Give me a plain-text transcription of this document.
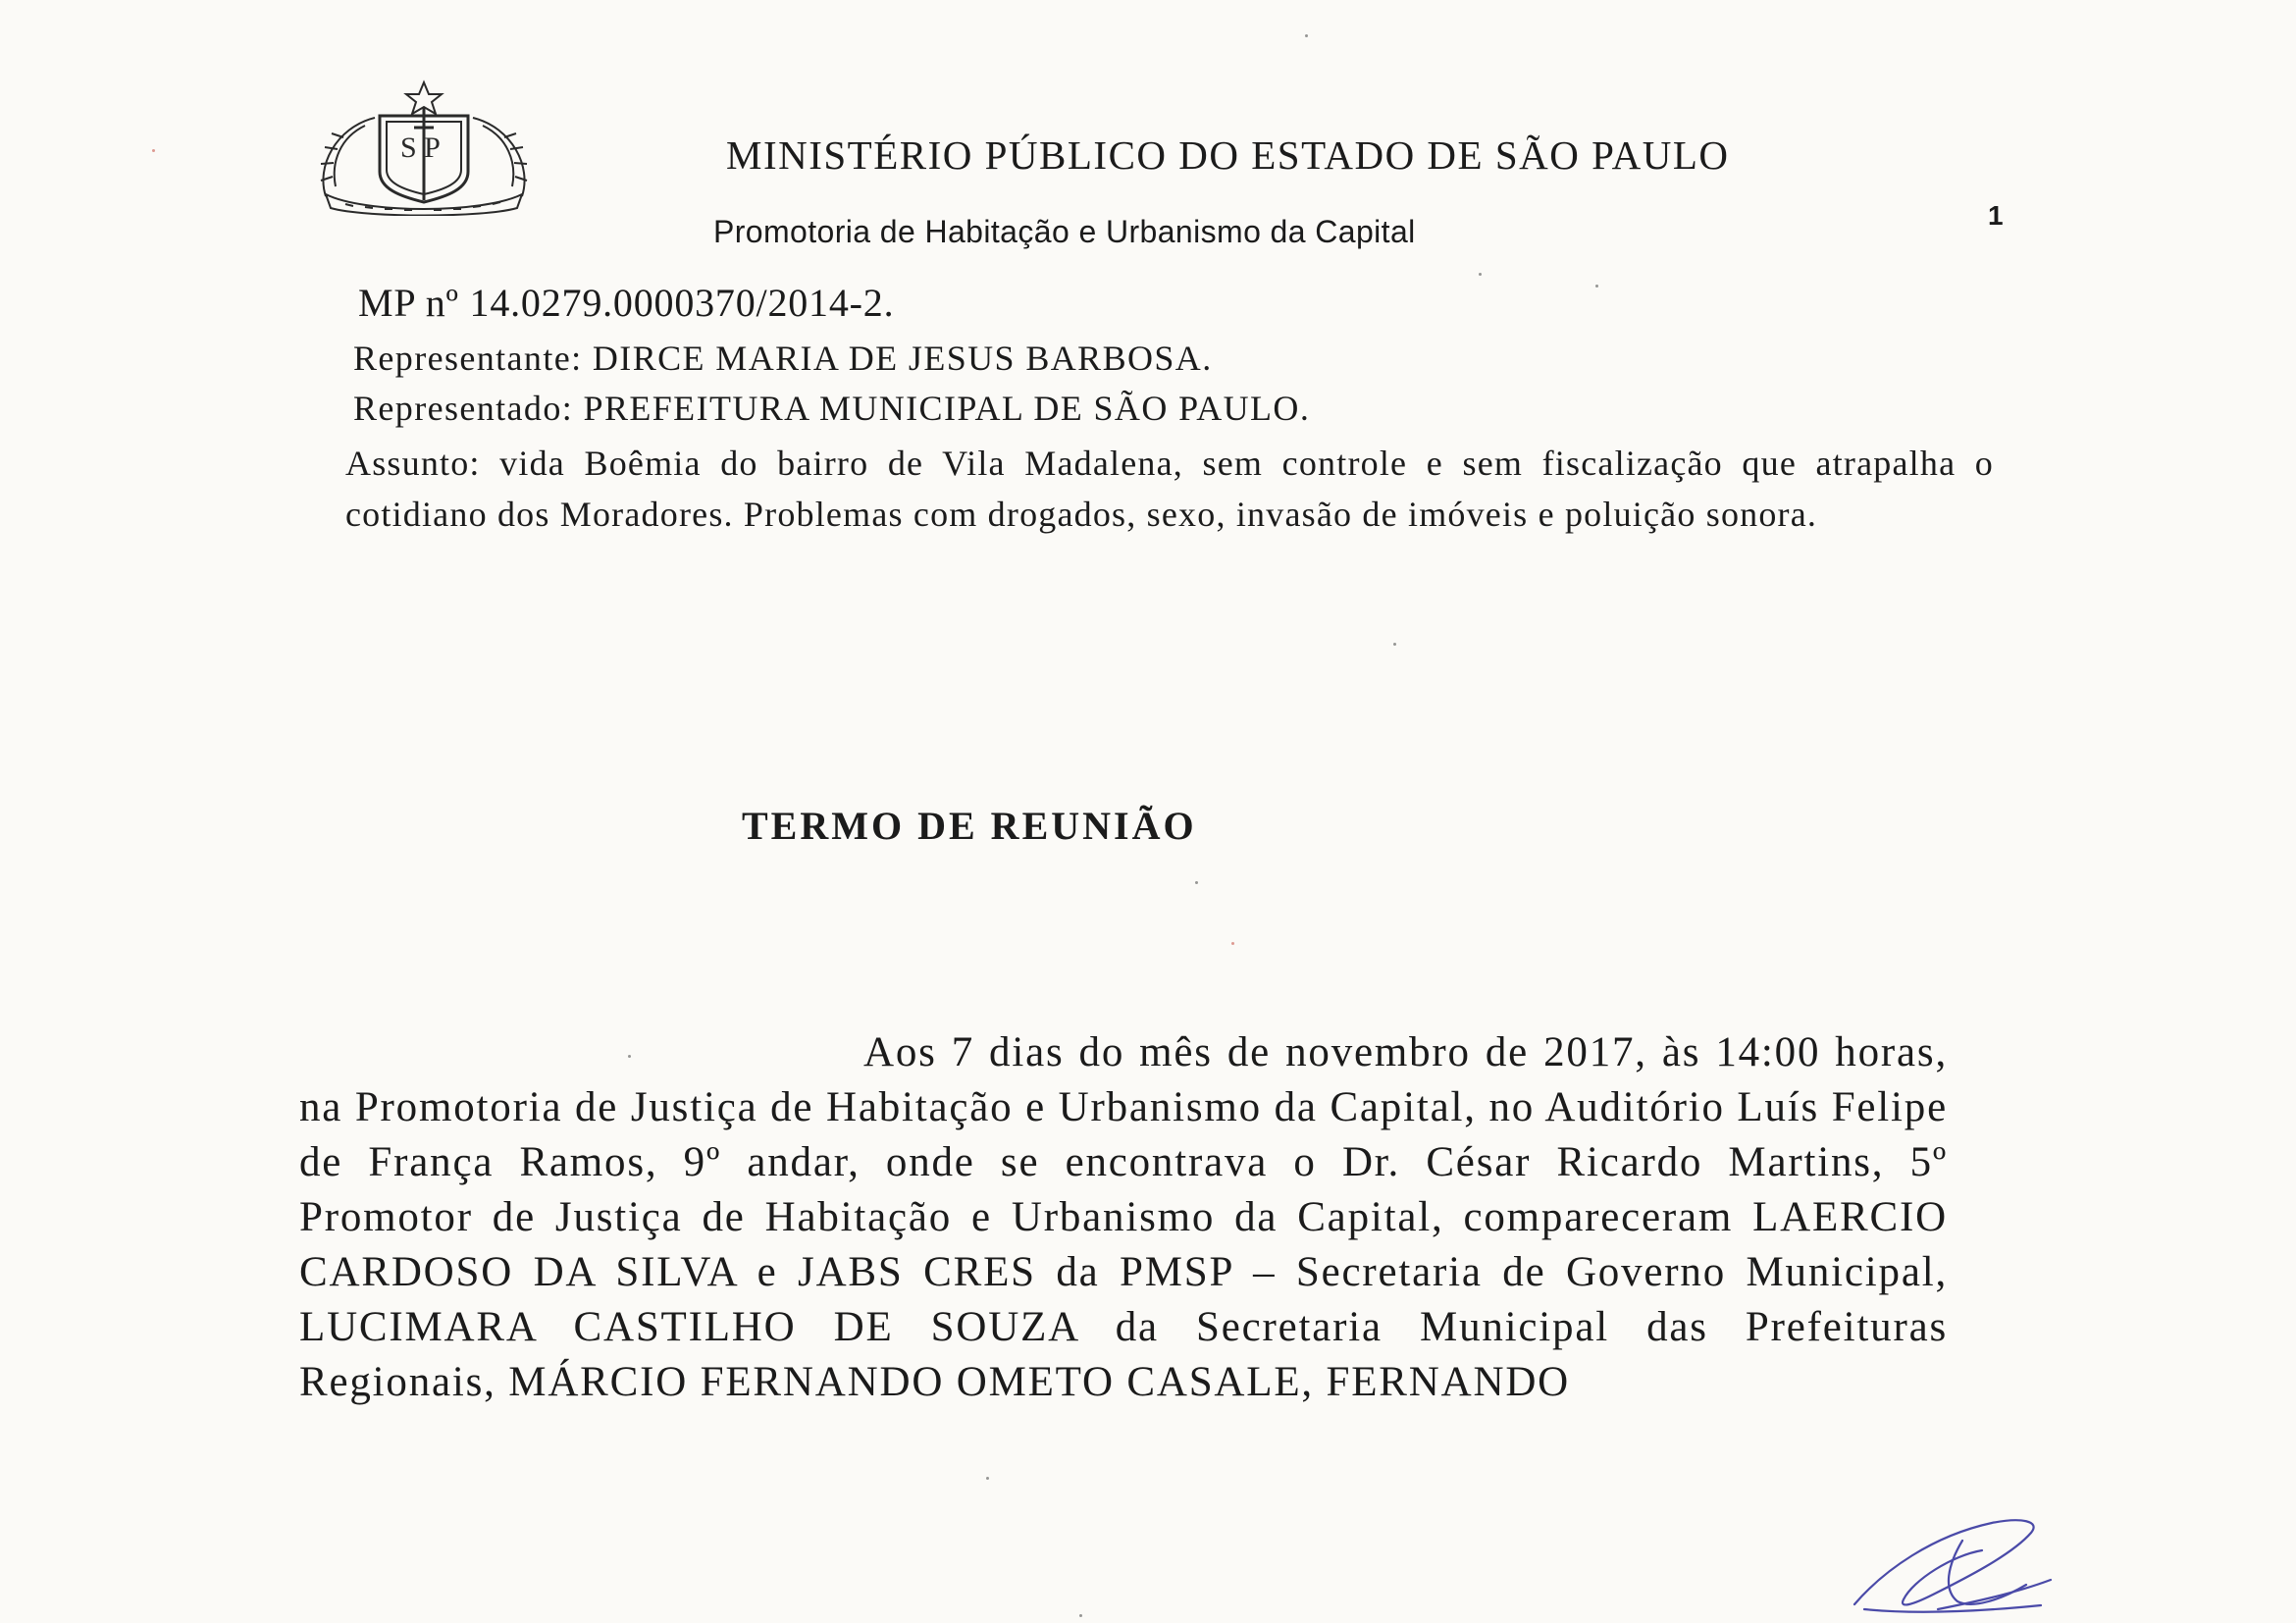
S P	MINISTÉRIO PÚBLICO DO ESTADO DE SÃO PAULO
Promotoria de Habitação e Urbanismo da Capital	1
MP nº 14.0279.0000370/2014-2.
Representante: DIRCE MARIA DE JESUS BARBOSA.
Representado: PREFEITURA MUNICIPAL DE SÃO PAULO.
Assunto: vida Boêmia do bairro de Vila Madalena, sem controle e sem fiscalização que atrapalha o cotidiano dos Moradores. Problemas com drogados, sexo, invasão de imóveis e poluição sonora.
TERMO DE REUNIÃO
Aos 7 dias do mês de novembro de 2017, às 14:00 horas, na Promotoria de Justiça de Habitação e Urbanismo da Capital, no Auditório Luís Felipe de França Ramos, 9º andar, onde se encontrava o Dr. César Ricardo Martins, 5º Promotor de Justiça de Habitação e Urbanismo da Capital, compareceram LAERCIO CARDOSO DA SILVA e JABS CRES da PMSP – Secretaria de Governo Municipal, LUCIMARA CASTILHO DE SOUZA da Secretaria Municipal das Prefeituras Regionais, MÁRCIO FERNANDO OMETO CASALE, FERNANDO
